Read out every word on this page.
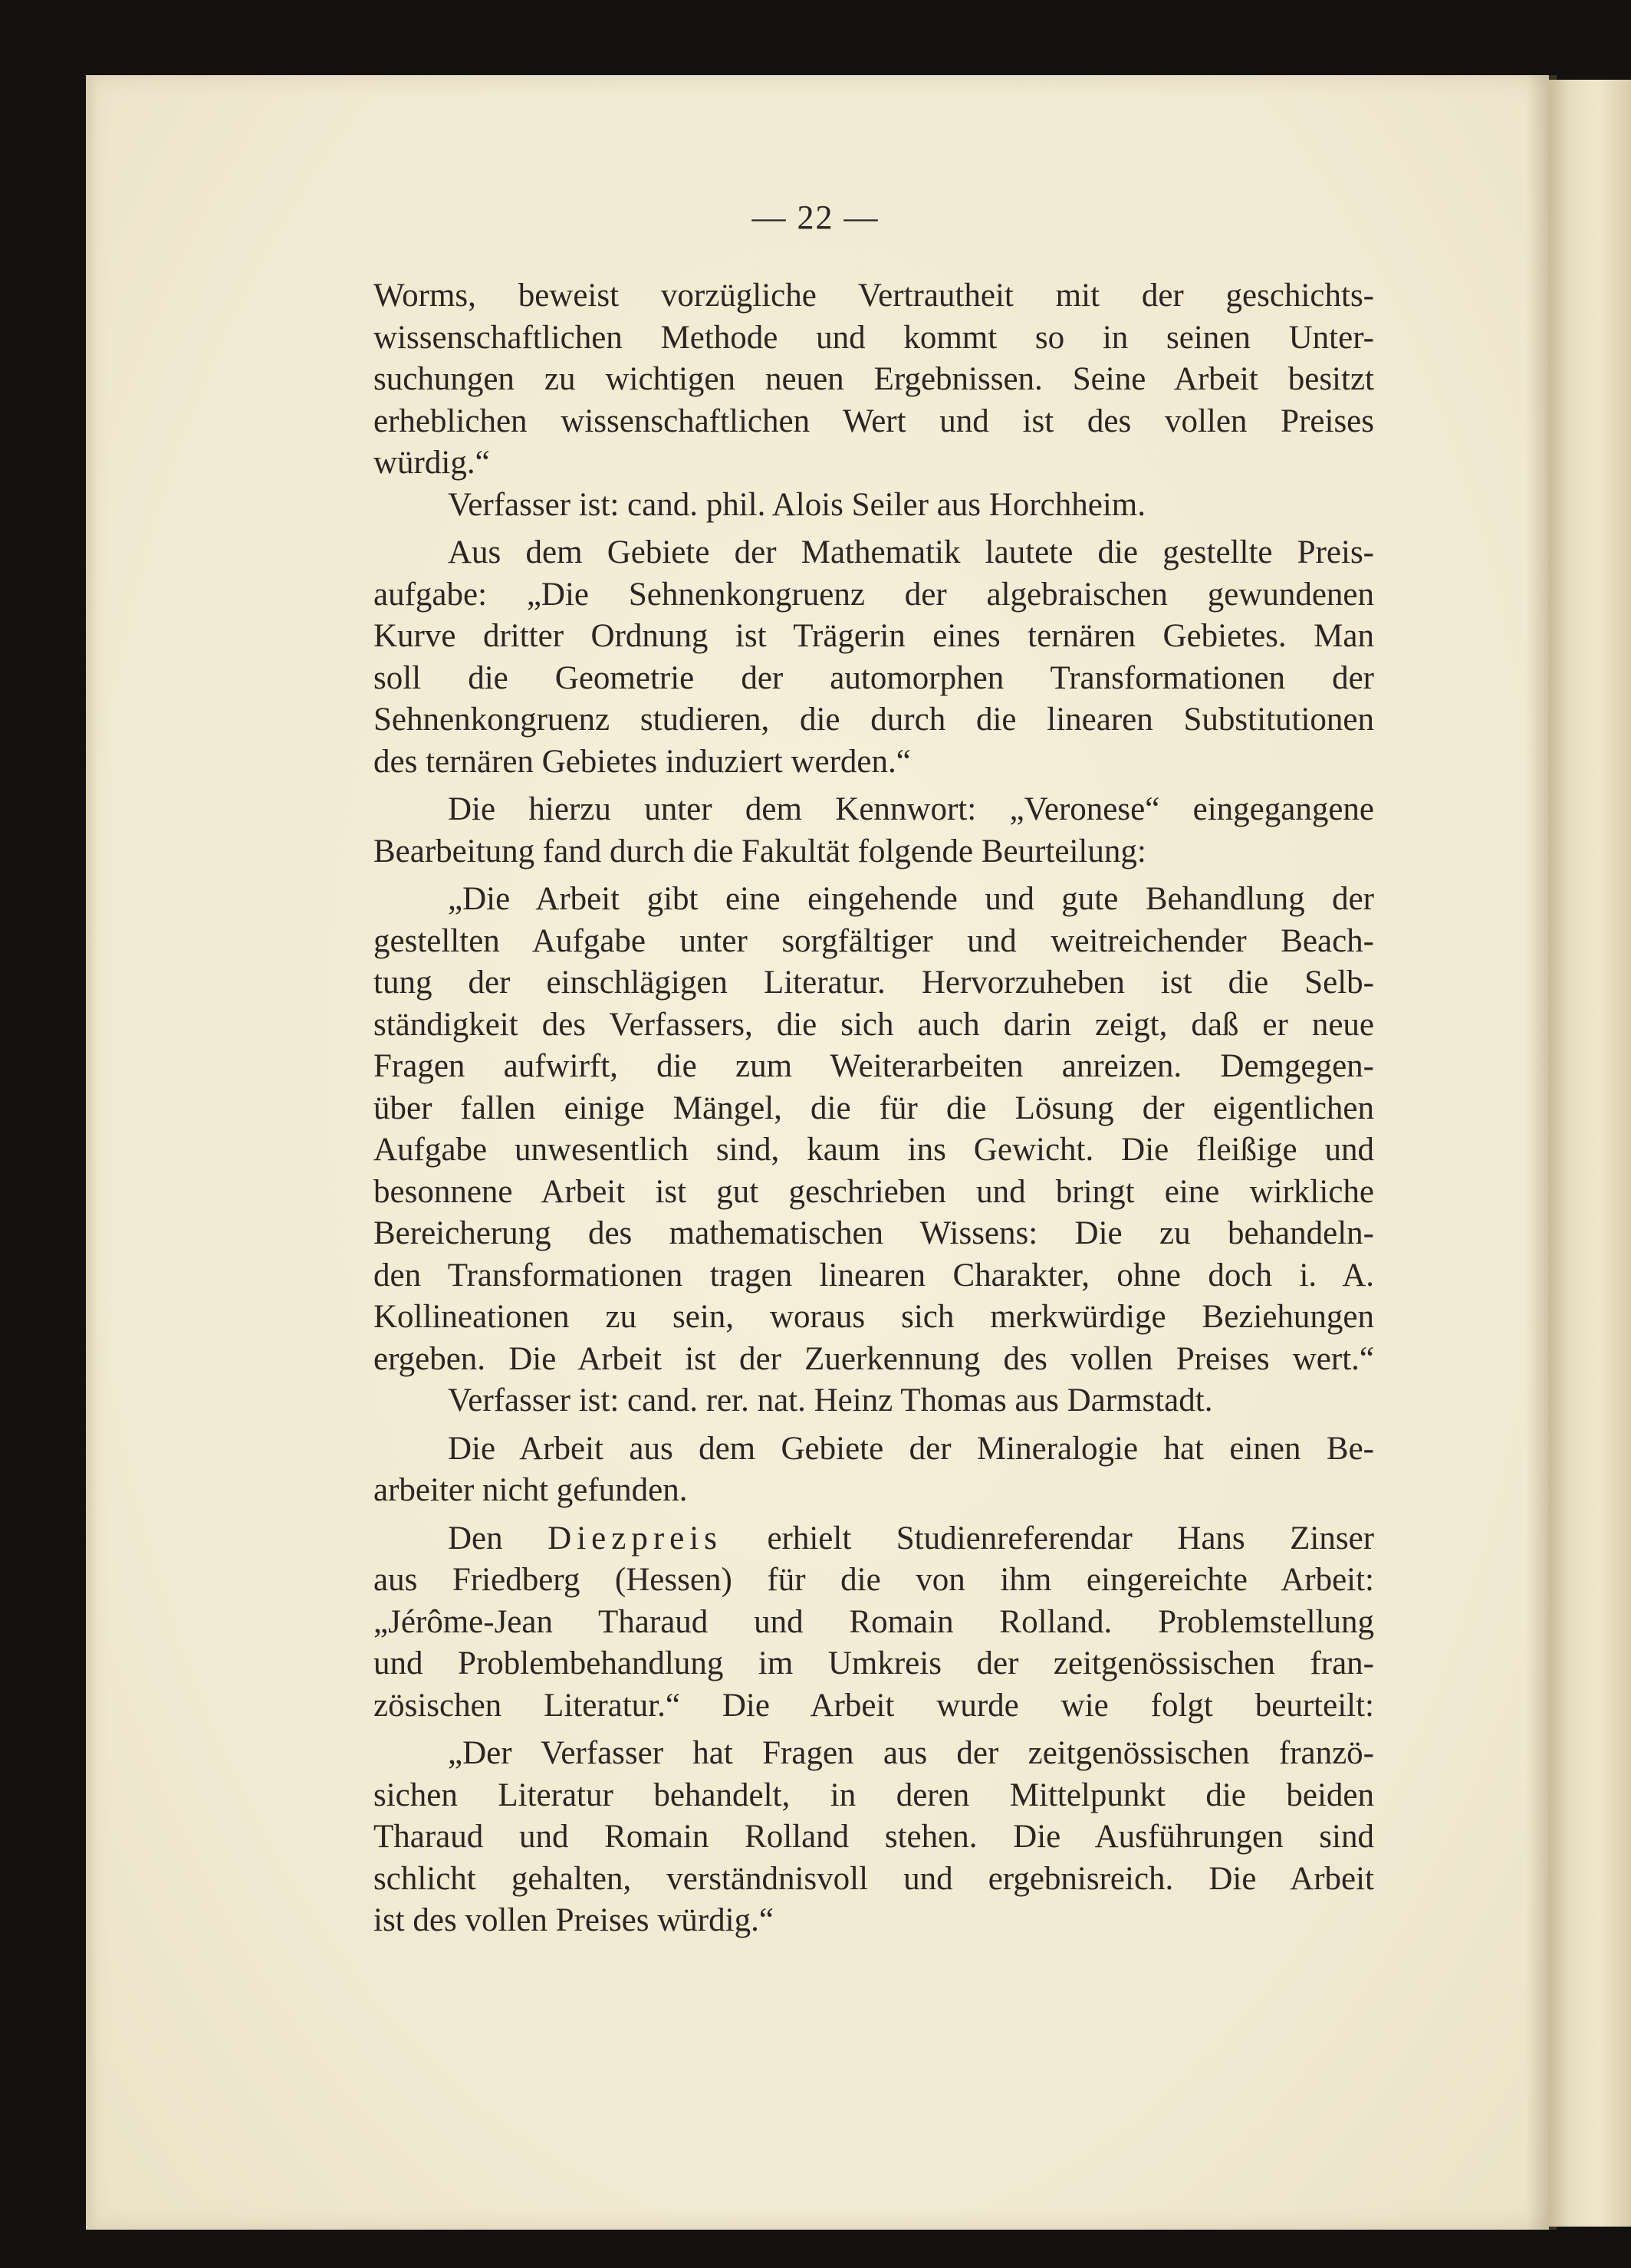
— 22 —
Worms, beweist vorzügliche Vertrautheit mit der geschichts-
wissenschaftlichen Methode und kommt so in seinen Unter-
suchungen zu wichtigen neuen Ergebnissen. Seine Arbeit besitzt
erheblichen wissenschaftlichen Wert und ist des vollen Preises
würdig.“
Verfasser ist: cand. phil. Alois Seiler aus Horchheim.
Aus dem Gebiete der Mathematik lautete die gestellte Preis-
aufgabe: „Die Sehnenkongruenz der algebraischen gewundenen
Kurve dritter Ordnung ist Trägerin eines ternären Gebietes. Man
soll die Geometrie der automorphen Transformationen der
Sehnenkongruenz studieren, die durch die linearen Substitutionen
des ternären Gebietes induziert werden.“
Die hierzu unter dem Kennwort: „Veronese“ eingegangene
Bearbeitung fand durch die Fakultät folgende Beurteilung:
„Die Arbeit gibt eine eingehende und gute Behandlung der
gestellten Aufgabe unter sorgfältiger und weitreichender Beach-
tung der einschlägigen Literatur. Hervorzuheben ist die Selb-
ständigkeit des Verfassers, die sich auch darin zeigt, daß er neue
Fragen aufwirft, die zum Weiterarbeiten anreizen. Demgegen-
über fallen einige Mängel, die für die Lösung der eigentlichen
Aufgabe unwesentlich sind, kaum ins Gewicht. Die fleißige und
besonnene Arbeit ist gut geschrieben und bringt eine wirkliche
Bereicherung des mathematischen Wissens: Die zu behandeln-
den Transformationen tragen linearen Charakter, ohne doch i. A.
Kollineationen zu sein, woraus sich merkwürdige Beziehungen
ergeben. Die Arbeit ist der Zuerkennung des vollen Preises wert.“
Verfasser ist: cand. rer. nat. Heinz Thomas aus Darmstadt.
Die Arbeit aus dem Gebiete der Mineralogie hat einen Be-
arbeiter nicht gefunden.
Den Diezpreis erhielt Studienreferendar Hans Zinser
aus Friedberg (Hessen) für die von ihm eingereichte Arbeit:
„Jérôme-Jean Tharaud und Romain Rolland. Problemstellung
und Problembehandlung im Umkreis der zeitgenössischen fran-
zösischen Literatur.“ Die Arbeit wurde wie folgt beurteilt:
„Der Verfasser hat Fragen aus der zeitgenössischen franzö-
sichen Literatur behandelt, in deren Mittelpunkt die beiden
Tharaud und Romain Rolland stehen. Die Ausführungen sind
schlicht gehalten, verständnisvoll und ergebnisreich. Die Arbeit
ist des vollen Preises würdig.“
